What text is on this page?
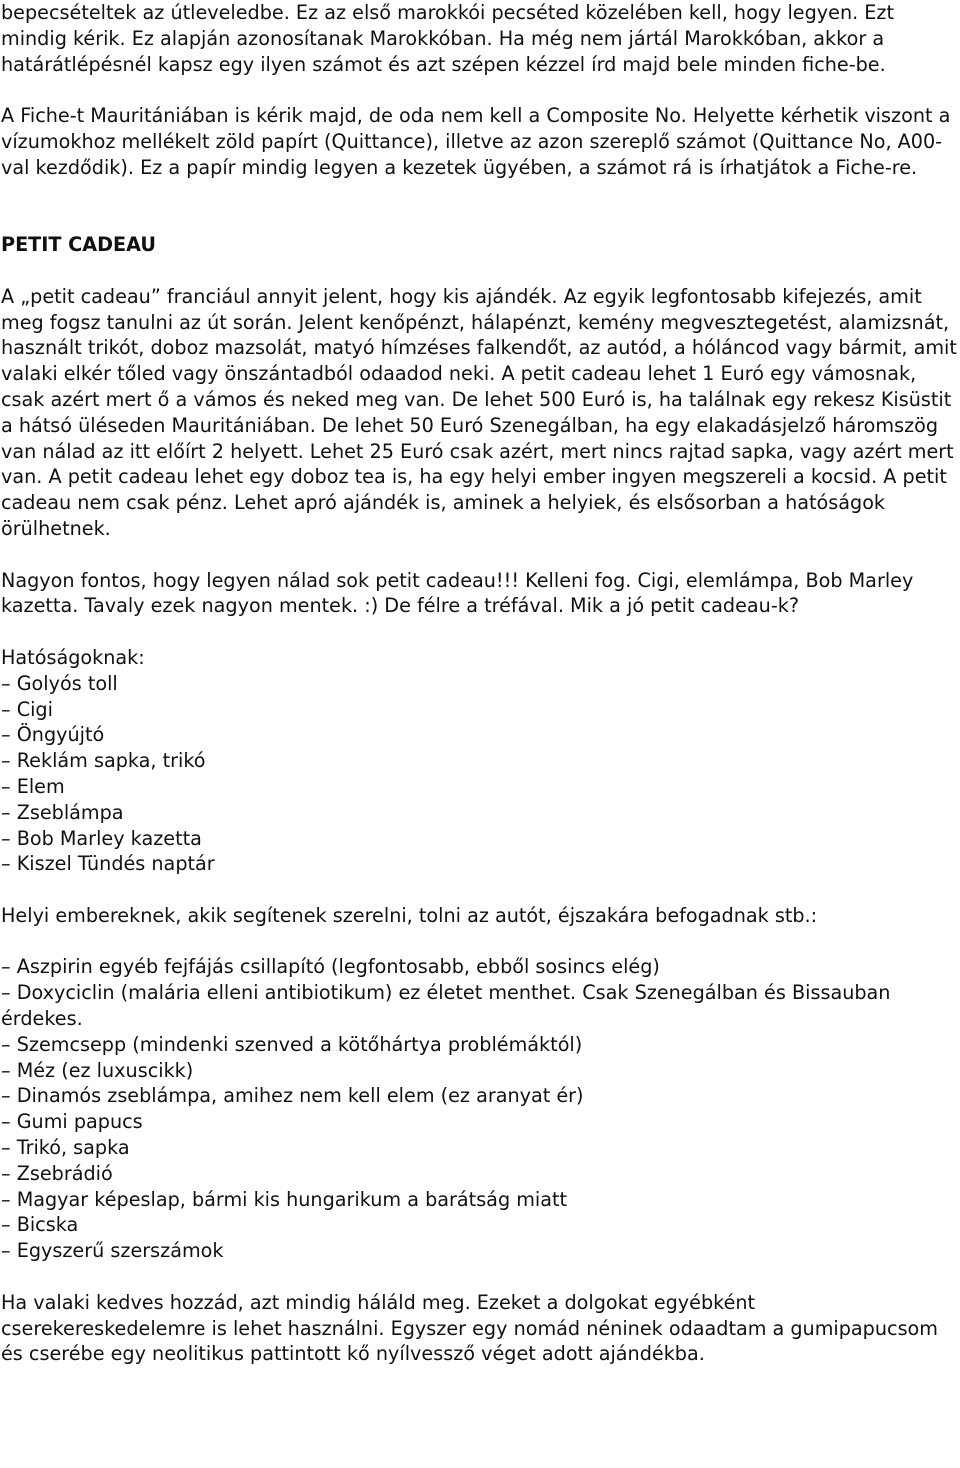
bepecsételtek az útleveledbe. Ez az első marokkói pecséted közelében kell, hogy legyen. Ezt mindig kérik. Ez alapján azonosítanak Marokkóban. Ha még nem jártál Marokkóban, akkor a határátlépésnél kapsz egy ilyen számot és azt szépen kézzel írd majd bele minden fiche-be.

A Fiche-t Mauritániában is kérik majd, de oda nem kell a Composite No. Helyette kérhetik viszont a vízumokhoz mellékelt zöld papírt (Quittance), illetve az azon szereplő számot (Quittance No, A00-val kezdődik). Ez a papír mindig legyen a kezetek ügyében, a számot rá is írhatjátok a Fiche-re.

PETIT CADEAU

A „petit cadeau” franciául annyit jelent, hogy kis ajándék. Az egyik legfontosabb kifejezés, amit meg fogsz tanulni az út során. Jelent kenőpénzt, hálapénzt, kemény megvesztegetést, alamizsnát, használt trikót, doboz mazsolát, matyó hímzéses falkendőt, az autód, a hóláncod vagy bármit, amit valaki elkér tőled vagy önszántadból odaadod neki. A petit cadeau lehet 1 Euró egy vámosnak, csak azért mert ő a vámos és neked meg van. De lehet 500 Euró is, ha találnak egy rekesz Kisüstit a hátsó üléseden Mauritániában. De lehet 50 Euró Szenegálban, ha egy elakadásjelző háromszög van nálad az itt előírt 2 helyett. Lehet 25 Euró csak azért, mert nincs rajtad sapka, vagy azért mert van. A petit cadeau lehet egy doboz tea is, ha egy helyi ember ingyen megszereli a kocsid. A petit cadeau nem csak pénz. Lehet apró ajándék is, aminek a helyiek, és elsősorban a hatóságok örülhetnek.

Nagyon fontos, hogy legyen nálad sok petit cadeau!!! Kelleni fog. Cigi, elemlámpa, Bob Marley kazetta. Tavaly ezek nagyon mentek. :) De félre a tréfával. Mik a jó petit cadeau-k?

Hatóságoknak:

– Golyós toll
– Cigi
– Öngyújtó
– Reklám sapka, trikó
– Elem
– Zseblámpa
– Bob Marley kazetta
– Kiszel Tündés naptár

Helyi embereknek, akik segítenek szerelni, tolni az autót, éjszakára befogadnak stb.:

– Aszpirin egyéb fejfájás csillapító (legfontosabb, ebből sosincs elég)
– Doxyciclin (malária elleni antibiotikum) ez életet menthet. Csak Szenegálban és Bissauban érdekes.
– Szemcsepp (mindenki szenved a kötőhártya problémáktól)
– Méz (ez luxuscikk)
– Dinamós zseblámpa, amihez nem kell elem (ez aranyat ér)
– Gumi papucs
– Trikó, sapka
– Zsebrádió
– Magyar képeslap, bármi kis hungarikum a barátság miatt
– Bicska
– Egyszerű szerszámok

Ha valaki kedves hozzád, azt mindig háláld meg. Ezeket a dolgokat egyébként cserekereskedelemre is lehet használni. Egyszer egy nomád néninek odaadtam a gumipapucsom és cserébe egy neolitikus pattintott kő nyílvessző véget adott ajándékba.
